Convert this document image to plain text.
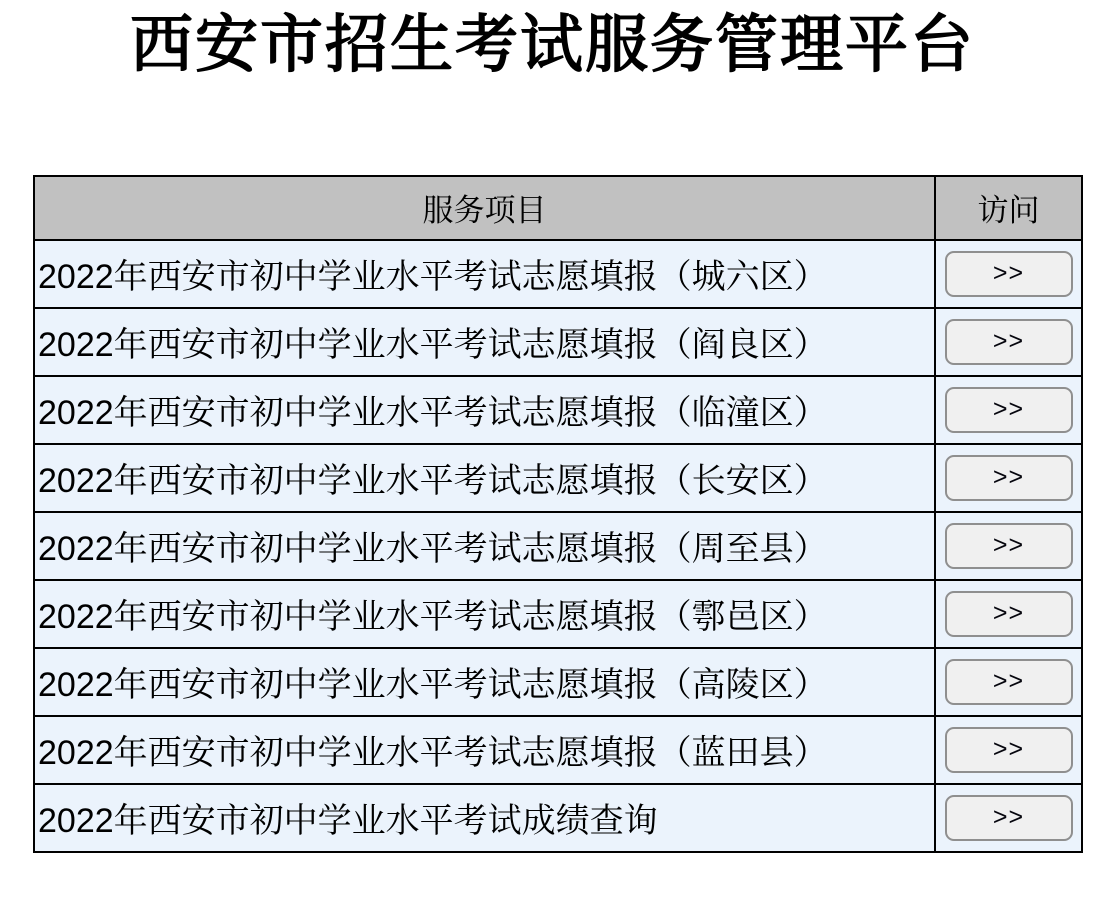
西安市招生考试服务管理平台
服务项目	访问
2022年西安市初中学业水平考试志愿填报（城六区）	>>
2022年西安市初中学业水平考试志愿填报（阎良区）	>>
2022年西安市初中学业水平考试志愿填报（临潼区）	>>
2022年西安市初中学业水平考试志愿填报（长安区）	>>
2022年西安市初中学业水平考试志愿填报（周至县）	>>
2022年西安市初中学业水平考试志愿填报（鄠邑区）	>>
2022年西安市初中学业水平考试志愿填报（高陵区）	>>
2022年西安市初中学业水平考试志愿填报（蓝田县）	>>
2022年西安市初中学业水平考试成绩查询	>>
